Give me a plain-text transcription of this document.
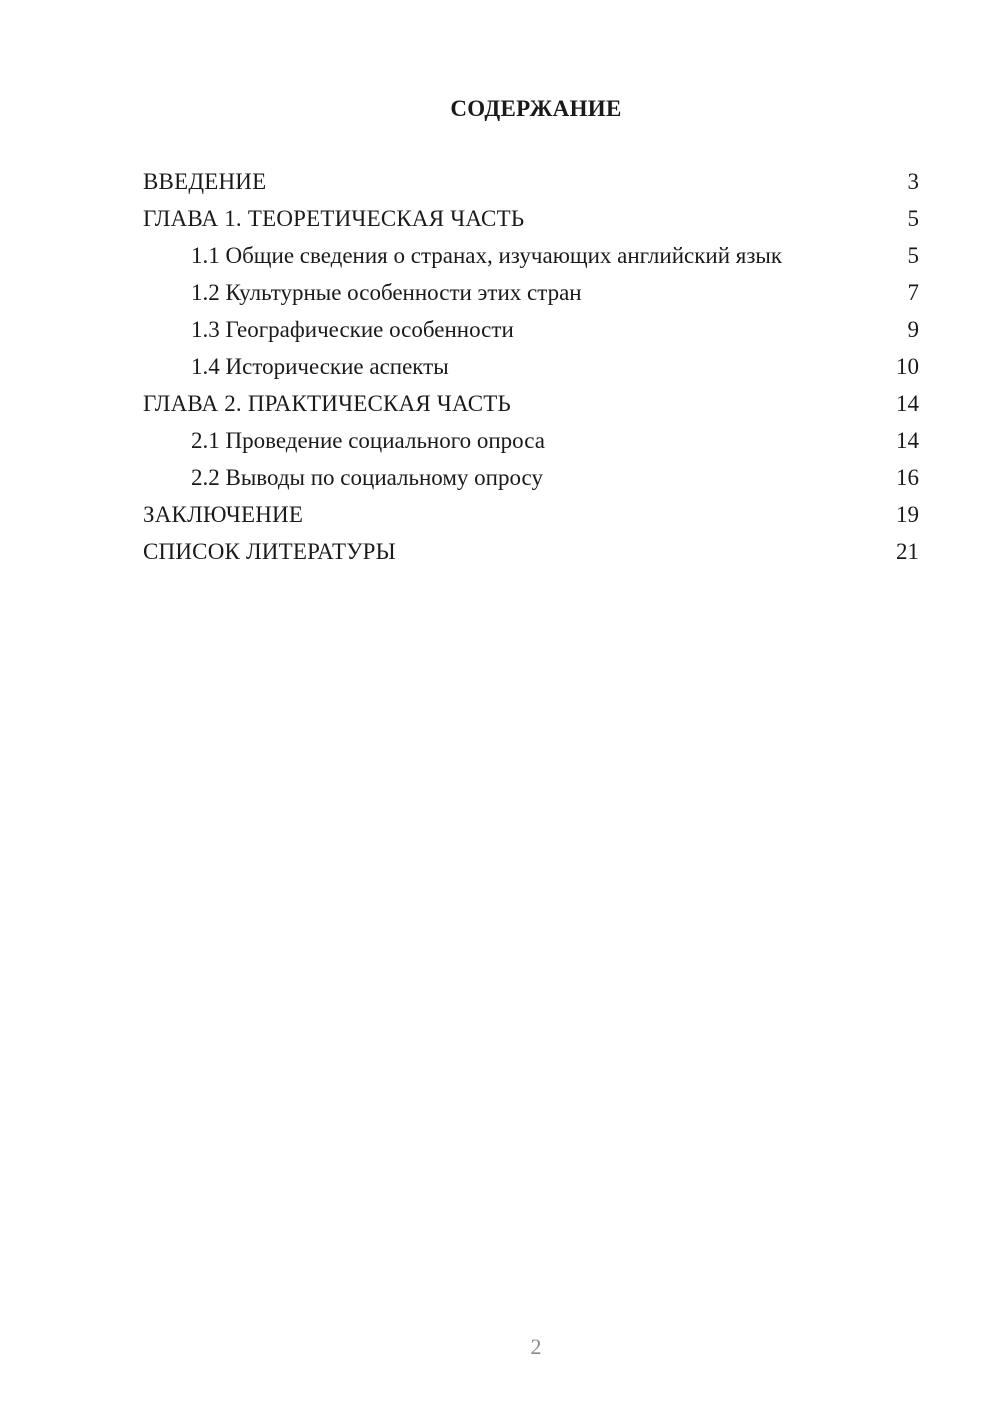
СОДЕРЖАНИЕ
ВВЕДЕНИЕ	3
ГЛАВА 1. ТЕОРЕТИЧЕСКАЯ ЧАСТЬ	5
1.1 Общие сведения о странах, изучающих английский язык	5
1.2 Культурные особенности этих стран	7
1.3 Географические особенности	9
1.4 Исторические аспекты	10
ГЛАВА 2. ПРАКТИЧЕСКАЯ ЧАСТЬ	14
2.1 Проведение социального опроса	14
2.2 Выводы по социальному опросу	16
ЗАКЛЮЧЕНИЕ	19
СПИСОК ЛИТЕРАТУРЫ	21
2
